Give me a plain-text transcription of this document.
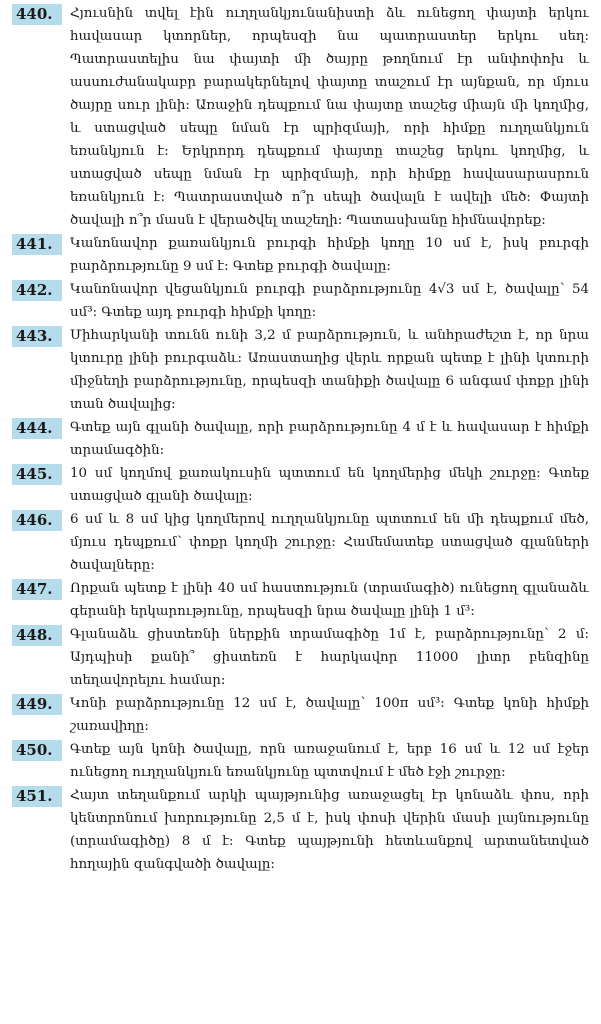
440.	Հյուսնին տվել էին ուղղանկյունանիստի ձև ունեցող փայտի երկու հավասար կտորներ, որպեսզի նա պատրաստեր երկու սեղ: Պատրաստելիս նա փայտի մի ծայրը թողնում էր անփոփոխ և ասսուժանակաբր բարակերնելով փայտը տաշում էր այնքան, որ մյուս ծայրը սուր լինի: Առաջին դեպքում նա փայտը տաշեց միայն մի կողմից, և ստացված սեպը նման էր պրիզմայի, որի հիմքը ուղղանկյուն եռանկյուն է: Երկրորդ դեպքում փայտը տաշեց երկու կողմից, և ստացված սեպը նման էր պրիզմայի, որի հիմքը հավասարասրուն եռանկյուն է: Պատրաստված ո՞ր սեպի ծավալն է ավելի մեծ: Փայտի ծավալի ո՞ր մասն է վերածվել տաշեղի: Պատասխանը հիմնավորեք:
441.	Կանոնավոր քառանկյուն բուրգի հիմքի կողը 10 սմ է, իսկ բուրգի բարձրությունը 9 սմ է: Գտեք բուրգի ծավալը:
442.	Կանոնավոր վեցանկյուն բուրգի բարձրությունը 4√3 սմ է, ծավալը՝ 54 սմ³: Գտեք այդ բուրգի հիմքի կողը:
443.	Միհարկանի տունն ունի 3,2 մ բարձրություն, և անհրաժեշտ է, որ նրա կտուրը լինի բուրգաձև: Առաստաղից վերև որքան պետք է լինի կտուրի միջնեղի բարձրությունը, որպեսզի տանիքի ծավալը 6 անգամ փոքր լինի տան ծավալից:
444.	Գտեք այն գլանի ծավալը, որի բարձրությունը 4 մ է և հավասար է հիմքի տրամագծին:
445.	10 սմ կողմով քառակուսին պտտում են կողմերից մեկի շուրջը: Գտեք ստացված գլանի ծավալը:
446.	6 սմ և 8 սմ կից կողմերով ուղղանկյունը պտտում են մի դեպքում մեծ, մյուս դեպքում՝ փոքր կողմի շուրջը: Համեմատեք ստացված գլանների ծավալները:
447.	Որքան պետք է լինի 40 սմ հաստություն (տրամագիծ) ունեցող գլանաձև գերանի երկարությունը, որպեսզի նրա ծավալը լինի 1 մ³:
448.	Գլանաձև ցիստեռնի ներքին տրամագիծը 1մ է, բարձրությունը՝ 2 մ: Այդպիսի քանի՞ ցիստեռն է հարկավոր 11000 լիտր բենզինը տեղավորելու համար:
449.	Կոնի բարձրությունը 12 սմ է, ծավալը՝ 100π սմ³: Գտեք կոնի հիմքի շառավիղը:
450.	Գտեք այն կոնի ծավալը, որն առաջանում է, երբ 16 սմ և 12 սմ էջեր ունեցող ուղղանկյուն եռանկյունը պտտվում է մեծ էջի շուրջը:
451.	Հայտ տեղանքում արկի պայթյունից առաջացել էր կոնաձև փոս, որի կենտրոնում խորությունը 2,5 մ է, իսկ փոսի վերին մասի լայնությունը (տրամագիծը) 8 մ է: Գտեք պայթյունի հետևանքով արտանետված հողային զանգվածի ծավալը:
